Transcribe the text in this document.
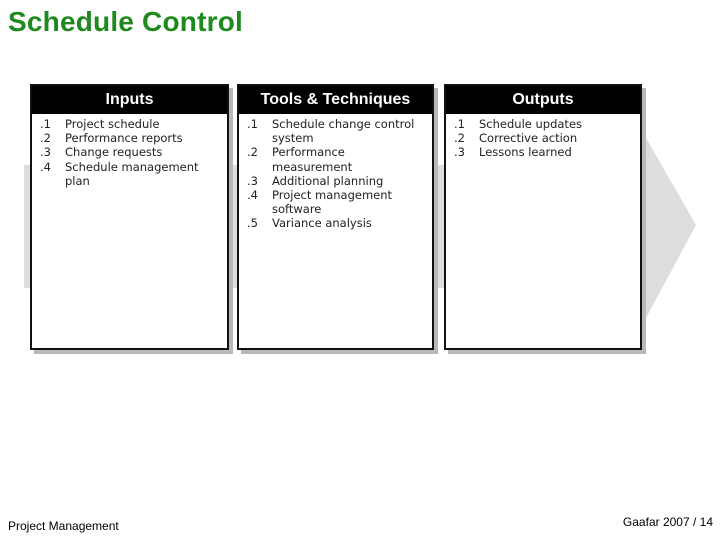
Schedule Control
Inputs
.1	Project schedule
.2	Performance reports
.3	Change requests
.4	Schedule management plan
Tools & Techniques
.1	Schedule change control system
.2	Performance measurement
.3	Additional planning
.4	Project management software
.5	Variance analysis
Outputs
.1	Schedule updates
.2	Corrective action
.3	Lessons learned
Project Management	Gaafar 2007 / 14
